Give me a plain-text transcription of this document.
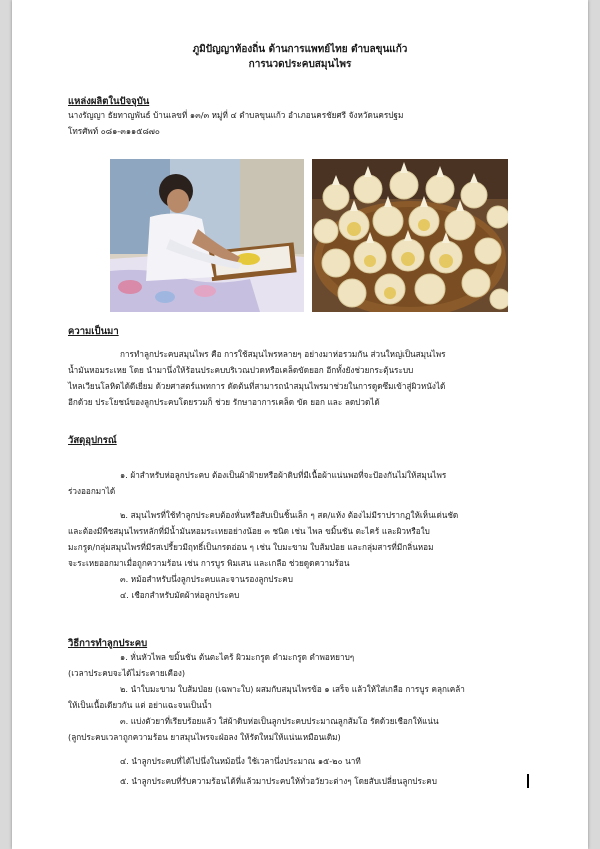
ภูมิปัญญาท้องถิ่น ด้านการแพทย์ไทย ตำบลขุนแก้ว
การนวดประคบสมุนไพร
แหล่งผลิตในปัจจุบัน
นางรัญญา ธัยทาญพันธ์ บ้านเลขที่ ๑๓/๓ หมู่ที่ ๔ ตำบลขุนแก้ว อำเภอนครชัยศรี จังหวัดนครปฐม
โทรศัพท์ ๐๘๑-๓๑๑๕๘๗๐
ความเป็นมา
การทำลูกประคบสมุนไพร คือ การใช้สมุนไพรหลายๆ อย่างมาห่อรวมกัน ส่วนใหญ่เป็นสมุนไพร
น้ำมันหอมระเหย โดย นำมานึ่งให้ร้อนประคบบริเวณปวดหรือเคล็ดขัดยอก อีกทั้งยังช่วยกระตุ้นระบบ
ไหลเวียนโลหิตได้ดีเยี่ยม ด้วยศาสตร์แพทการ ดัดต้นที่สามารถนำสมุนไพรมาช่วยในการดูดซึมเข้าสู่ผิวหนังได้
อีกด้วย ประโยชน์ของลูกประคบโดยรวมก็ ช่วย รักษาอาการเคล็ด ขัด ยอก และ ลดปวดได้
วัสดุอุปกรณ์
๑. ผ้าสำหรับห่อลูกประคบ ต้องเป็นผ้าฝ้ายหรือผ้าดิบที่มีเนื้อผ้าแน่นพอที่จะป้องกันไม่ให้สมุนไพร
ร่วงออกมาได้
๒. สมุนไพรที่ใช้ทำลูกประคบต้องหั่นหรือสับเป็นชิ้นเล็ก ๆ สด/แห้ง ต้องไม่มีราปรากฏให้เห็นเด่นชัด
และต้องมีพืชสมุนไพรหลักที่มีน้ำมันหอมระเหยอย่างน้อย ๓ ชนิด เช่น ไพล ขมิ้นชัน ตะไคร้ และผิวหรือใบ
มะกรูด/กลุ่มสมุนไพรที่มีรสเปรี้ยวมีฤทธิ์เป็นกรดอ่อน ๆ เช่น ใบมะขาม ใบส้มป่อย และกลุ่มสารที่มีกลิ่นหอม
จะระเหยออกมาเมื่อถูกความร้อน เช่น การบูร พิมเสน และเกลือ ช่วยดูดความร้อน
๓. หม้อสำหรับนึ่งลูกประคบและจานรองลูกประคบ
๔. เชือกสำหรับมัดผ้าห่อลูกประคบ
วิธีการทำลูกประคบ
๑. หั่นหัวไพล ขมิ้นชัน ต้นตะไคร้ ผิวมะกรูด ตำมะกรูด ตำพอหยาบๆ
(เวลาประคบจะได้ไม่ระคายเคือง)
๒. นำใบมะขาม ใบส้มป่อย (เฉพาะใบ) ผสมกับสมุนไพรข้อ ๑ เสร็จ แล้วให้ใส่เกลือ การบูร คลุกเคล้า
ให้เป็นเนื้อเดียวกัน แต่ อย่าแฉะจนเป็นน้ำ
๓. แบ่งตัวยาที่เรียบร้อยแล้ว ใส่ผ้าดิบห่อเป็นลูกประคบประมาณลูกส้มโอ รัดด้วยเชือกให้แน่น
(ลูกประคบเวลาถูกความร้อน ยาสมุนไพรจะฝ่อลง ให้รัดใหม่ให้แน่นเหมือนเดิม)
๔. นำลูกประคบที่ได้ไปนึ่งในหม้อนึ่ง ใช้เวลานึ่งประมาณ ๑๕-๒๐ นาที
๕. นำลูกประคบที่รับความร้อนได้ที่แล้วมาประคบให้ทั่วอวัยวะต่างๆ โดยสับเปลี่ยนลูกประคบ
